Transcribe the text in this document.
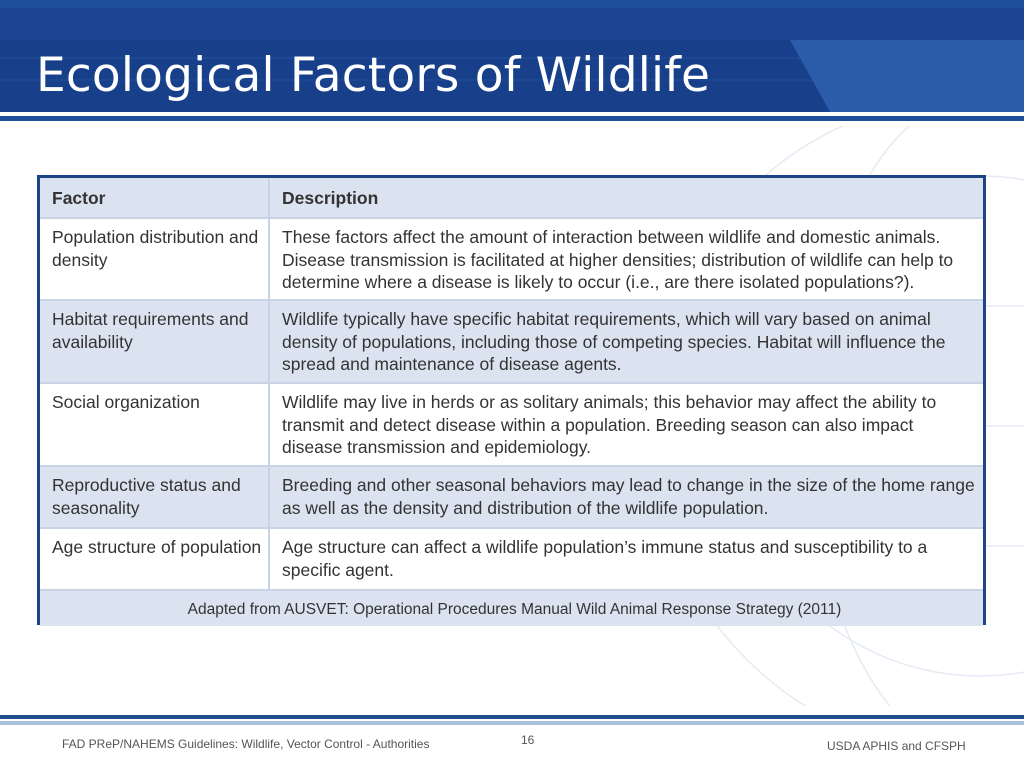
Ecological Factors of Wildlife
Factor	Description
Population distribution and density	These factors affect the amount of interaction between wildlife and domestic animals. Disease transmission is facilitated at higher densities; distribution of wildlife can help to determine where a disease is likely to occur (i.e., are there isolated populations?).
Habitat requirements and availability	Wildlife typically have specific habitat requirements, which will vary based on animal density of populations, including those of competing species. Habitat will influence the spread and maintenance of disease agents.
Social organization	Wildlife may live in herds or as solitary animals; this behavior may affect the ability to transmit and detect disease within a population. Breeding season can also impact disease transmission and epidemiology.
Reproductive status and seasonality	Breeding and other seasonal behaviors may lead to change in the size of the home range as well as the density and distribution of the wildlife population.
Age structure of population	Age structure can affect a wildlife population’s immune status and susceptibility to a specific agent.
Adapted from AUSVET: Operational Procedures Manual Wild Animal Response Strategy (2011)	
FAD PReP/NAHEMS Guidelines: Wildlife, Vector Control - Authorities	16	USDA APHIS and CFSPH
